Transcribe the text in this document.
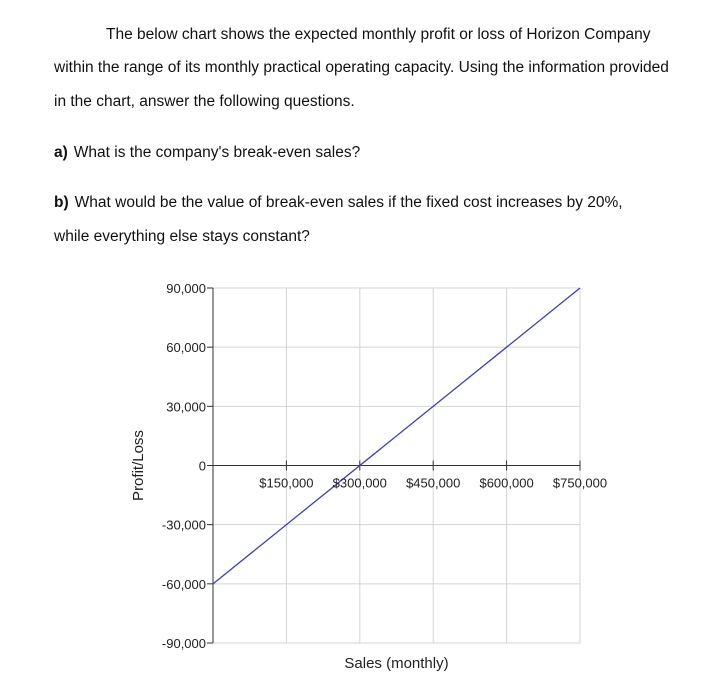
The below chart shows the expected monthly profit or loss of Horizon Company
within the range of its monthly practical operating capacity. Using the information provided
in the chart, answer the following questions.
a) What is the company's break-even sales?
b) What would be the value of break-even sales if the fixed cost increases by 20%,
while everything else stays constant?
90,000
60,000
30,000
0
-30,000
-60,000
-90,000
$150,000 $300,000 $450,000 $600,000 $750,000
Sales (monthly)
Profit/Loss
